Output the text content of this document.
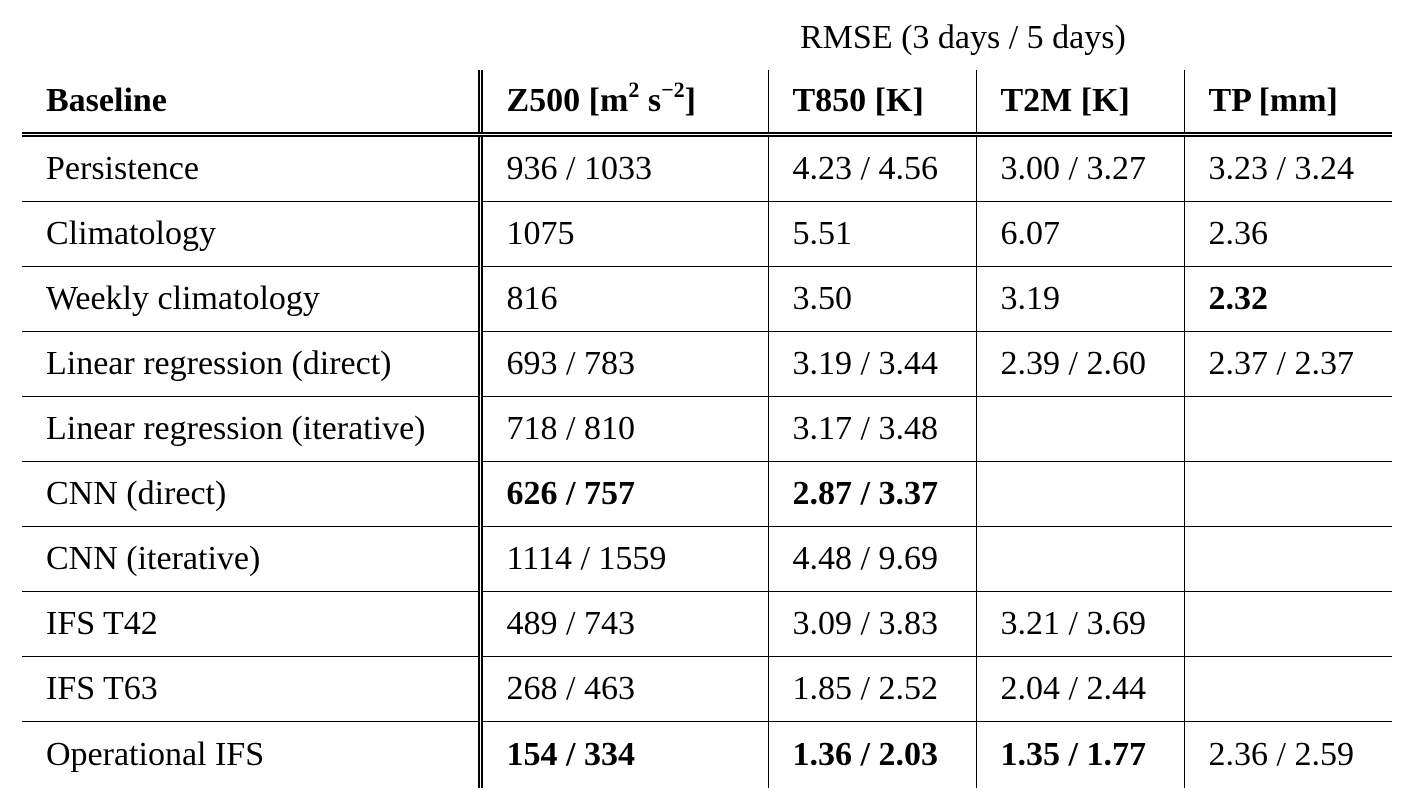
RMSE (3 days / 5 days)
Baseline	Z500 [$m^2$ $s^{-2}$]	T850 [K]	T2M [K]	TP [mm]
Persistence	936 / 1033	4.23 / 4.56	3.00 / 3.27	3.23 / 3.24
Climatology	1075	5.51	6.07	2.36
Weekly climatology	816	3.50	3.19	2.32
Linear regression (direct)	693 / 783	3.19 / 3.44	2.39 / 2.60	2.37 / 2.37
Linear regression (iterative)	718 / 810	3.17 / 3.48		
CNN (direct)	626 / 757	2.87 / 3.37		
CNN (iterative)	1114 / 1559	4.48 / 9.69		
IFS T42	489 / 743	3.09 / 3.83	3.21 / 3.69	
IFS T63	268 / 463	1.85 / 2.52	2.04 / 2.44	
Operational IFS	154 / 334	1.36 / 2.03	1.35 / 1.77	2.36 / 2.59
